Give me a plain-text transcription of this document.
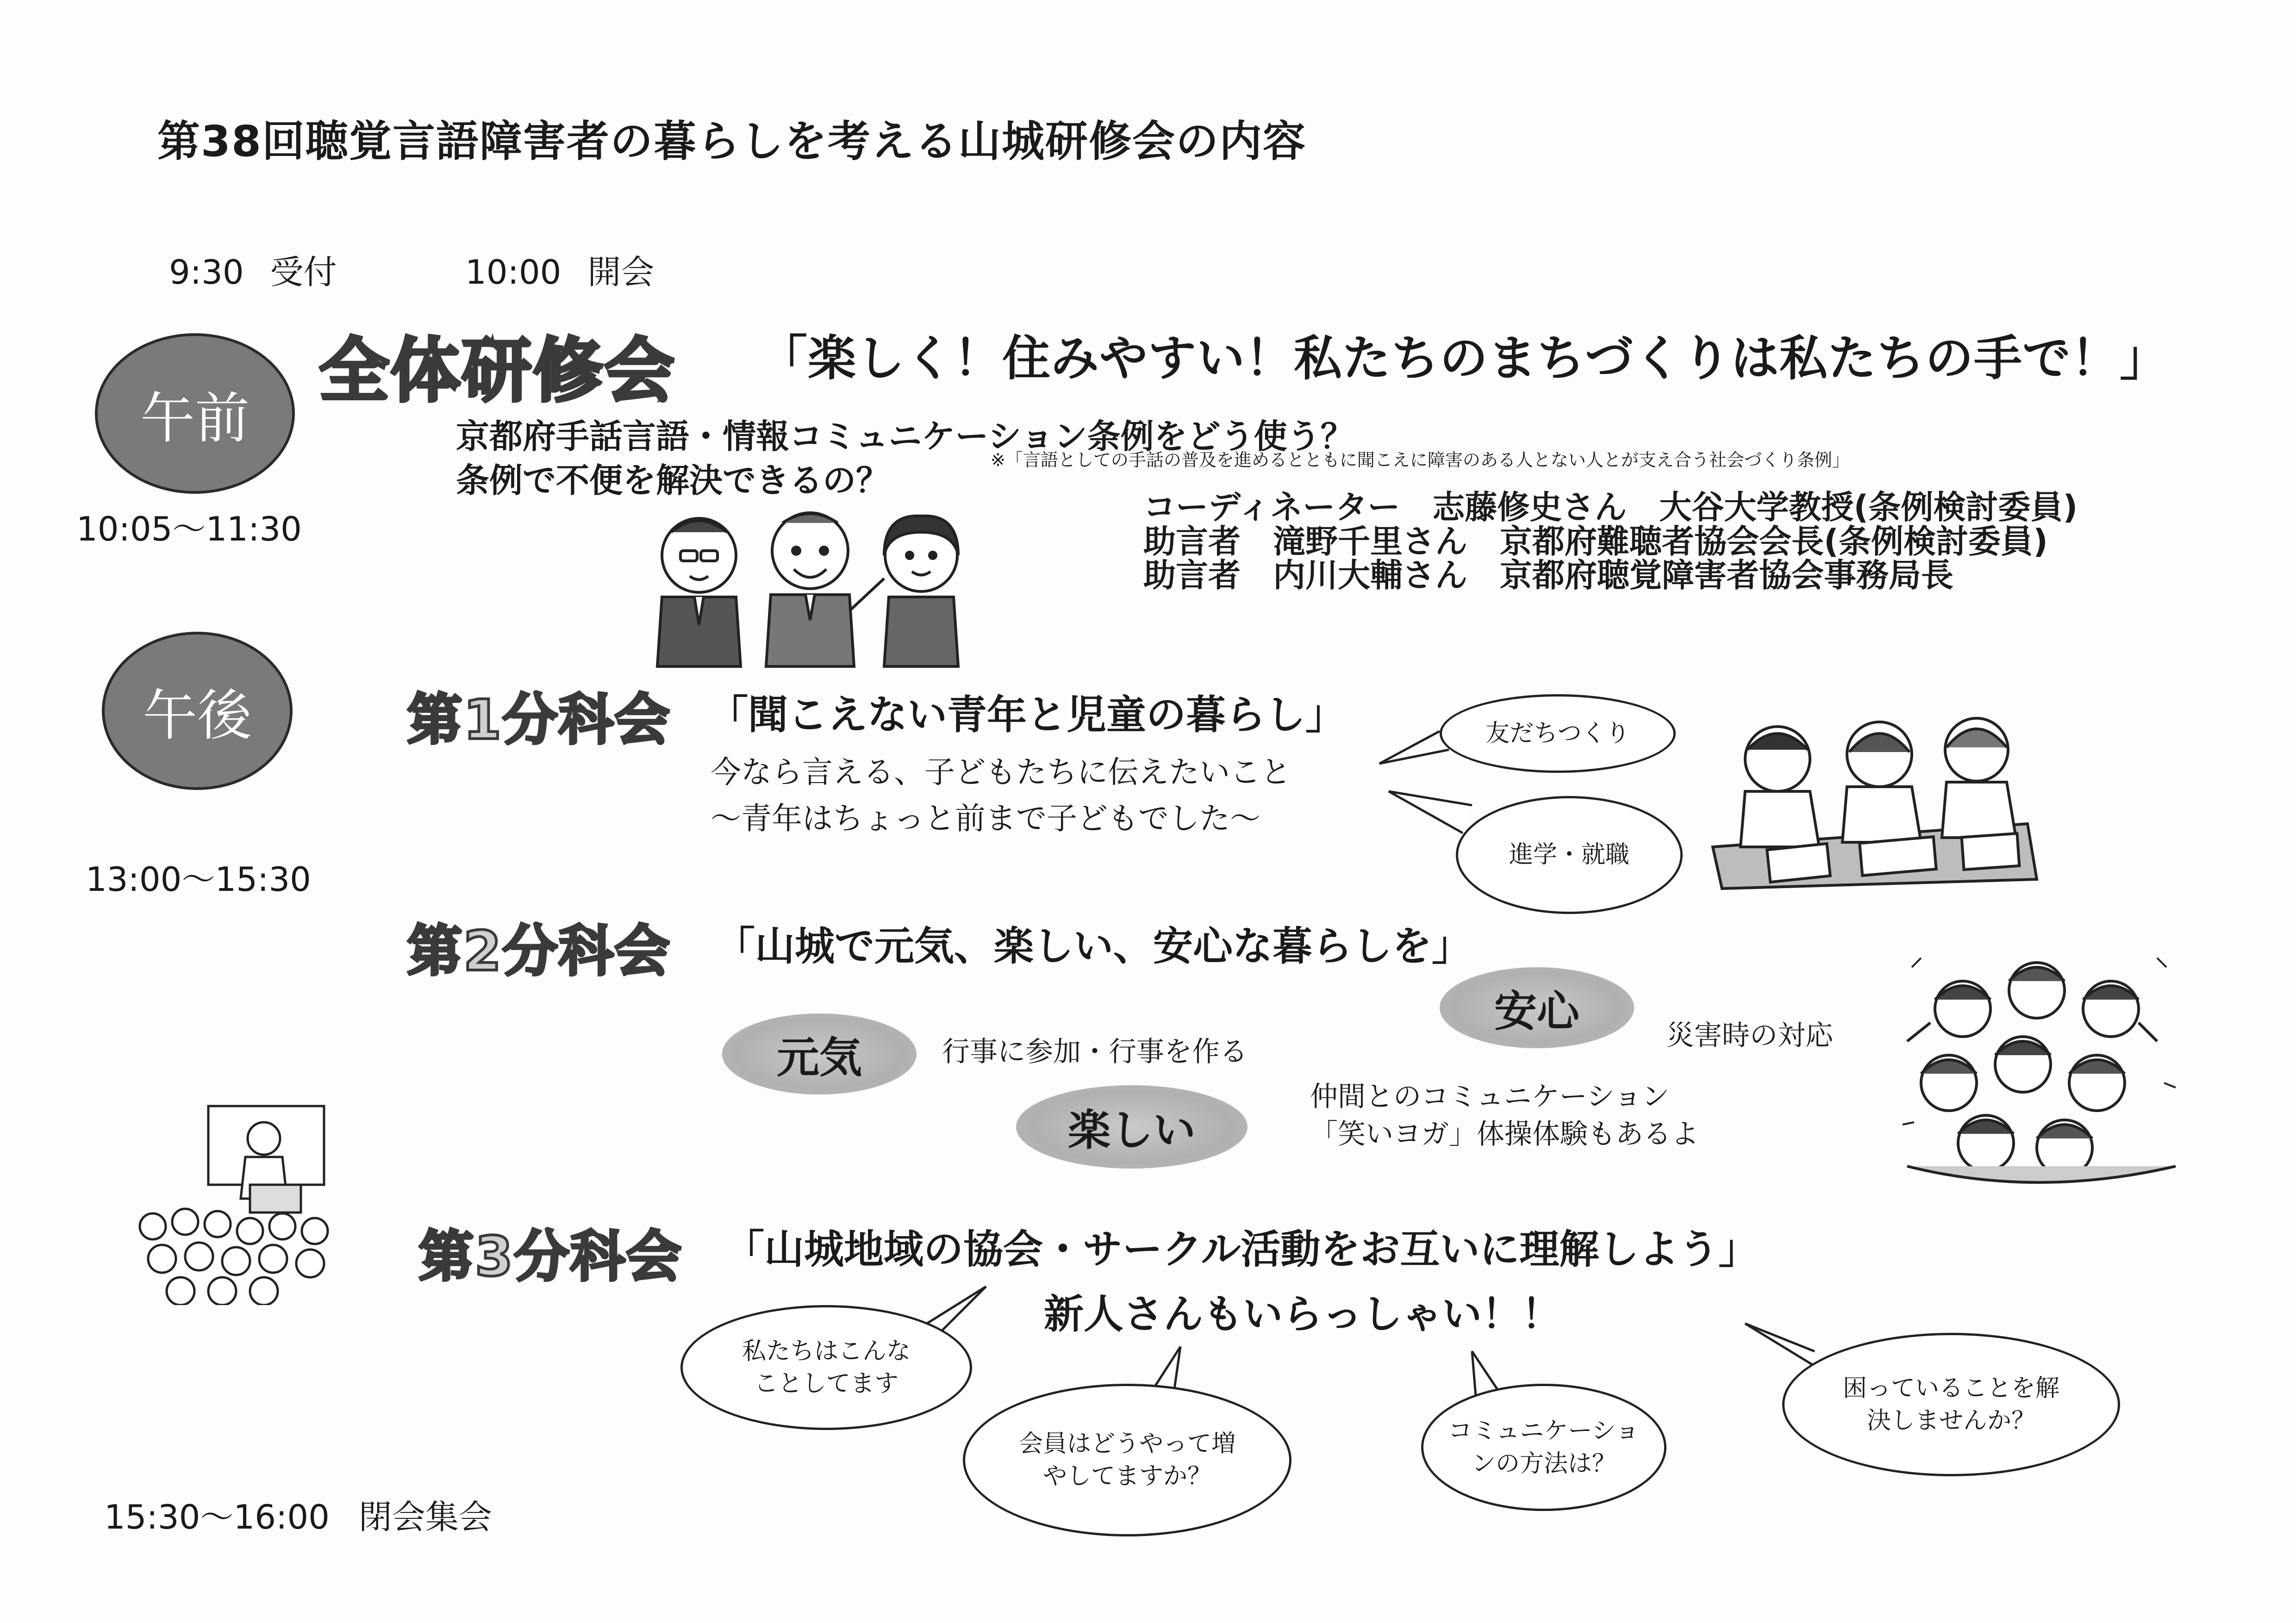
第38回聴覚言語障害者の暮らしを考える山城研修会の内容
9:30 受付	10:00 開会
午前
10:05〜11:30
全体研修会 「楽しく！住みやすい！私たちのまちづくりは私たちの手で！」
京都府手話言語・情報コミュニケーション条例をどう使う？
条例で不便を解決できるの？
※「言語としての手話の普及を進めるとともに聞こえに障害のある人とない人とが支え合う社会づくり条例」
コーディネーター　志藤修史さん　大谷大学教授(条例検討委員)
助言者　滝野千里さん　京都府難聴者協会会長(条例検討委員)
助言者　内川大輔さん　京都府聴覚障害者協会事務局長
午後
13:00〜15:30
第1分科会 「聞こえない青年と児童の暮らし」
今なら言える、子どもたちに伝えたいこと
〜青年はちょっと前まで子どもでした〜
友だちつくり
進学・就職
第2分科会 「山城で元気、楽しい、安心な暮らしを」
元気	行事に参加・行事を作る
安心	災害時の対応
楽しい
仲間とのコミュニケーション
「笑いヨガ」体操体験もあるよ
第3分科会 「山城地域の協会・サークル活動をお互いに理解しよう」
新人さんもいらっしゃい！！
私たちはこんな
ことしてます
会員はどうやって増
やしてますか？
コミュニケーショ
ンの方法は？
困っていることを解
決しませんか？
15:30〜16:00 閉会集会
